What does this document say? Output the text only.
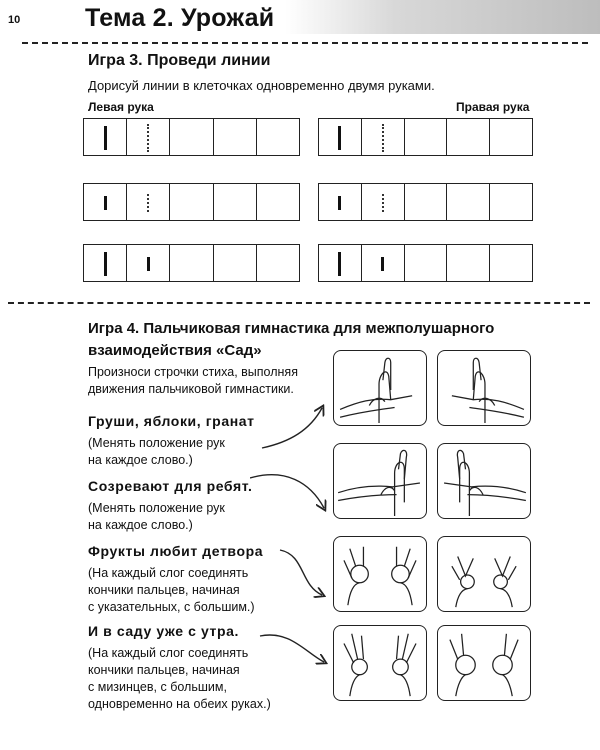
10	Тема 2. Урожай
Игра 3. Проведи линии
Дорисуй линии в клеточках одновременно двумя руками.
Левая рука	Правая рука
Игра 4. Пальчиковая гимнастика для межполушарного
взаимодействия «Сад»
Произноси строчки стиха, выполняя
движения пальчиковой гимнастики.
Груши, яблоки, гранат
(Менять положение рук
на каждое слово.)
Созревают для ребят.
(Менять положение рук
на каждое слово.)
Фрукты любит детвора
(На каждый слог соединять
кончики пальцев, начиная
с указательных, с большим.)
И в саду уже с утра.
(На каждый слог соединять
кончики пальцев, начиная
с мизинцев, с большим,
одновременно на обеих руках.)
